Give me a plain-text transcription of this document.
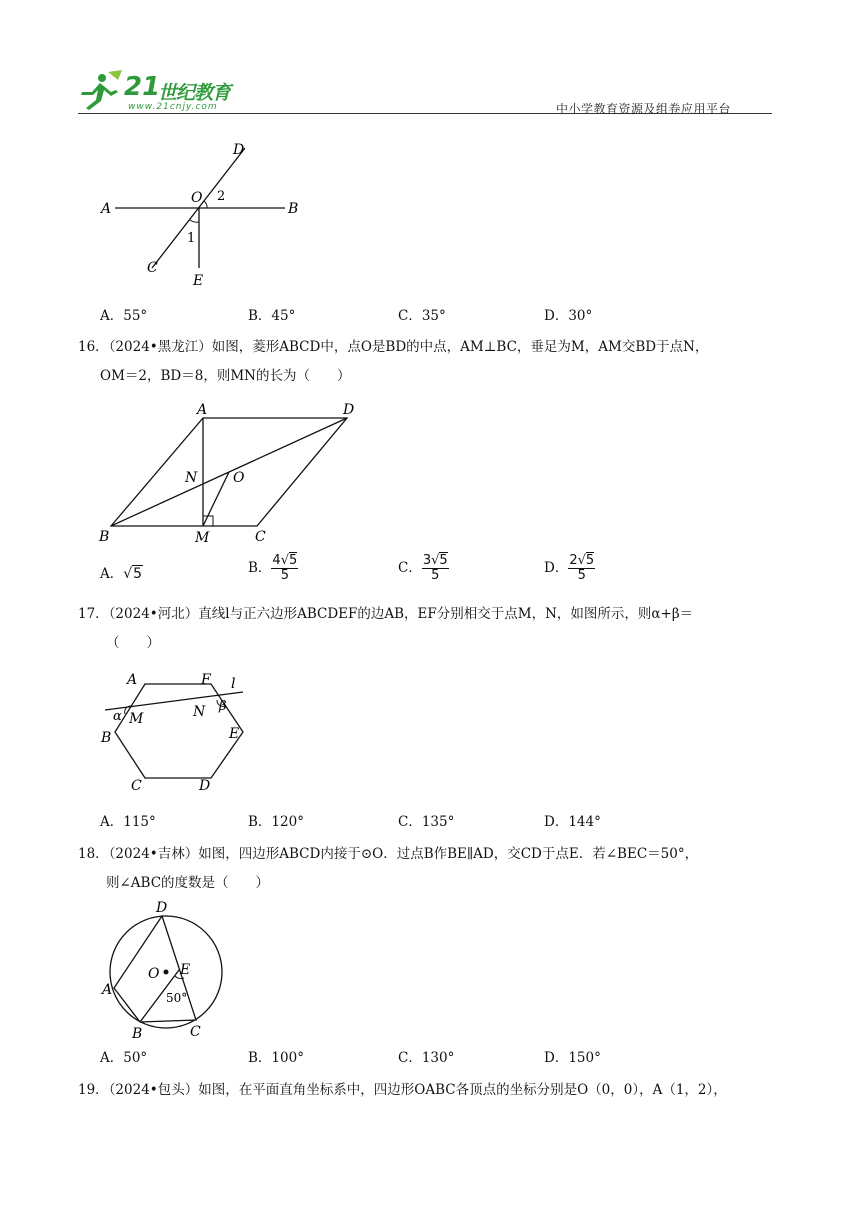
21
世纪教育
www.21cnjy.com	中小学教育资源及组卷应用平台
A	B
C
D
E
O 2
1
A．55°	B．45°	C．35°	D．30°
16．（2024•黑龙江）如图，菱形ABCD中，点O是BD的中点，AM⊥BC，垂足为M，AM交BD于点N，
OM＝2，BD＝8，则MN的长为（　　）
A	D
B	C
M
N	O
A．√5	B． $\frac{4√5}{5}$	C． $\frac{3√5}{5}$	D． $\frac{2√5}{5}$
17．（2024•河北）直线l与正六边形ABCDEF的边AB，EF分别相交于点M，N，如图所示，则α+β＝
（　　）
A	F l
B	E
C	D
M	N
α
β
A．115°	B．120°	C．135°	D．144°
18．（2024•吉林）如图，四边形ABCD内接于⊙O．过点B作BE∥AD，交CD于点E．若∠BEC＝50°，
则∠ABC的度数是（　　）
D
O E
A
B	C
50°
A．50°	B．100°	C．130°	D．150°
19．（2024•包头）如图，在平面直角坐标系中，四边形OABC各顶点的坐标分别是O（0，0），A（1，2），
